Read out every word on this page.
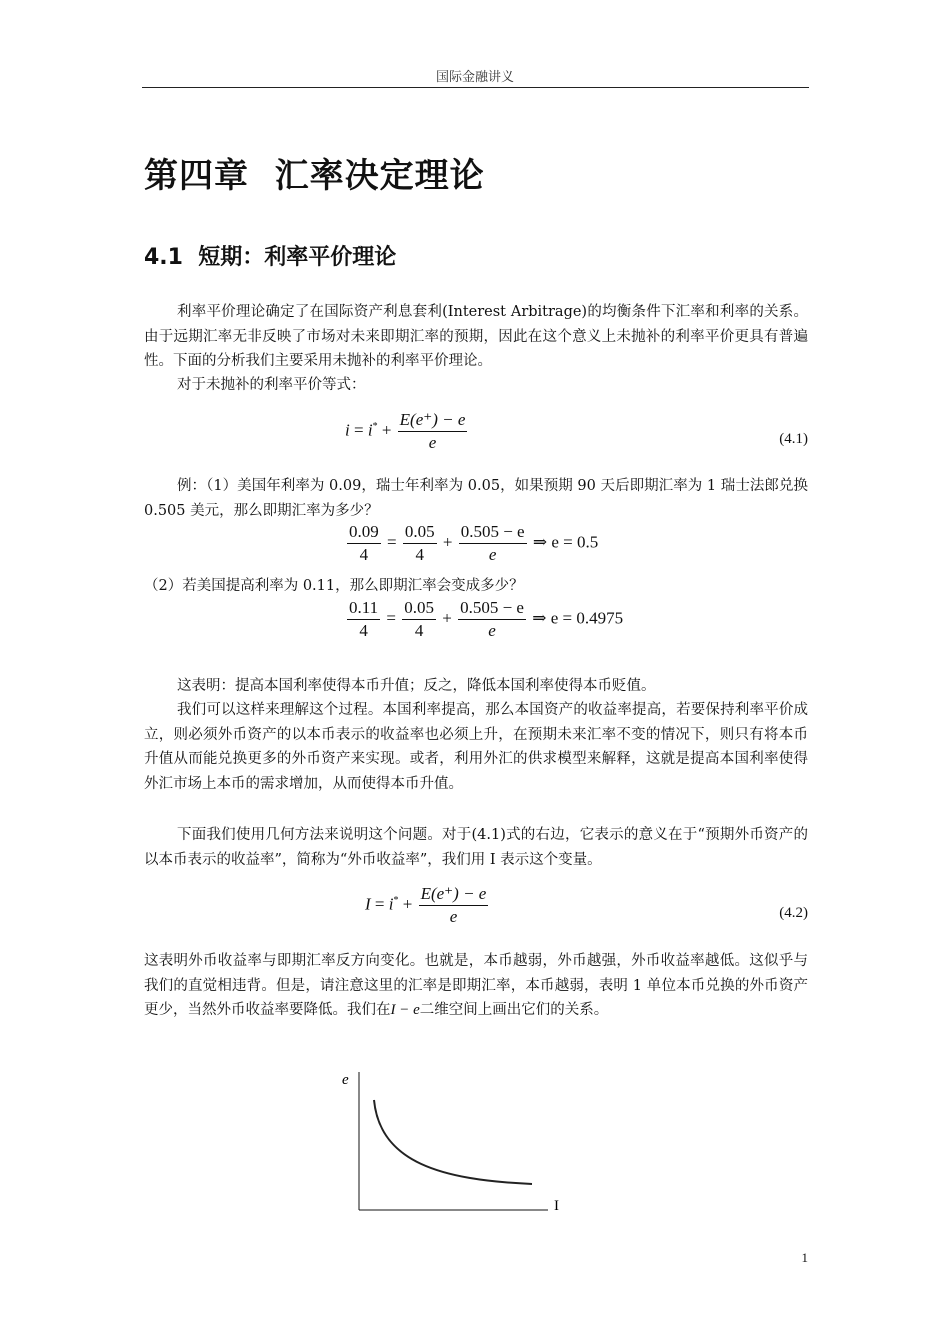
国际金融讲义
第四章  汇率决定理论
4.1  短期：利率平价理论
利率平价理论确定了在国际资产利息套利(Interest Arbitrage)的均衡条件下汇率和利率的关系。由于远期汇率无非反映了市场对未来即期汇率的预期，因此在这个意义上未抛补的利率平价更具有普遍性。下面的分析我们主要采用未抛补的利率平价理论。
对于未抛补的利率平价等式：
$i = i^* + \frac{E(e^+) - e}{e}$	(4.1)
例：（1）美国年利率为 0.09，瑞士年利率为 0.05，如果预期 90 天后即期汇率为 1 瑞士法郎兑换 0.505 美元，那么即期汇率为多少？
$\frac{0.09}{4} = \frac{0.05}{4} + \frac{0.505 - e}{e}$ ⇒ e = 0.5
（2）若美国提高利率为 0.11，那么即期汇率会变成多少？
$\frac{0.11}{4} = \frac{0.05}{4} + \frac{0.505 - e}{e}$ ⇒ e = 0.4975
这表明：提高本国利率使得本币升值；反之，降低本国利率使得本币贬值。
我们可以这样来理解这个过程。本国利率提高，那么本国资产的收益率提高，若要保持利率平价成立，则必须外币资产的以本币表示的收益率也必须上升，在预期未来汇率不变的情况下，则只有将本币升值从而能兑换更多的外币资产来实现。或者，利用外汇的供求模型来解释，这就是提高本国利率使得外汇市场上本币的需求增加，从而使得本币升值。
下面我们使用几何方法来说明这个问题。对于(4.1)式的右边，它表示的意义在于“预期外币资产的以本币表示的收益率”，简称为“外币收益率”，我们用 I 表示这个变量。
$I = i^* + \frac{E(e^+) - e}{e}$	(4.2)
这表明外币收益率与即期汇率反方向变化。也就是，本币越弱，外币越强，外币收益率越低。这似乎与我们的直觉相违背。但是，请注意这里的汇率是即期汇率，本币越弱，表明 1 单位本币兑换的外币资产更少，当然外币收益率要降低。我们在I − e二维空间上画出它们的关系。
e
I
1
